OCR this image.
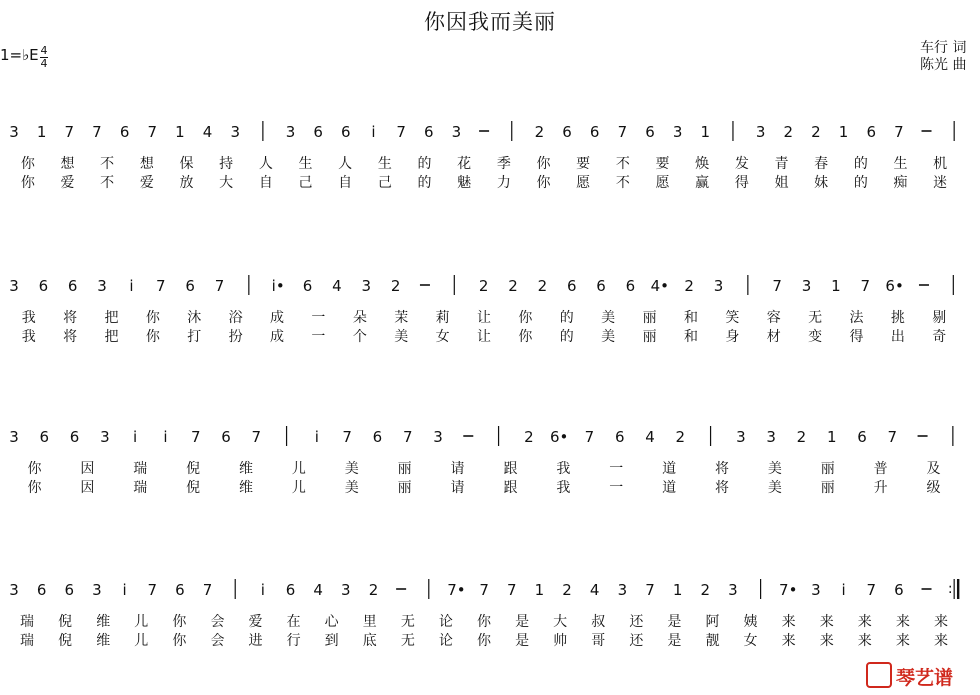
你因我而美丽
车行 词
陈光 曲
1=♭E 4
4
3 1 7 7 6 7 1 4 3	3 6 6 i 7 6 3	2 6 6 7 6 3 1	3 2 2 1 6 7
你 想 不 想 保 持 人 生 人 生 的 花 季 你 要 不 要 焕 发 青 春 的 生 机
你 爱 不 爱 放 大 自 己 自 己 的 魅 力 你 愿 不 愿 赢 得 姐 妹 的 痴 迷
3 6 6 3 i 7 6 7	i• 6 4 3 2	2 2 2 6 6 6 4• 2 3	7 3 1 7 6•
我 将 把 你 沐 浴 成 一 朵 茉 莉 让 你 的 美 丽 和 笑 容 无 法 挑 剔
我 将 把 你 打 扮 成 一 个 美 女 让 你 的 美 丽 和 身 材 变 得 出 奇
3 6 6 3 i i 7 6 7	i 7 6 7 3	2 6• 7 6 4 2	3 3 2 1 6 7
你	因	瑞	倪	维	儿	美	丽	请	跟	我	一	道	将	美	丽	普	及
你	因	瑞	倪	维	儿	美	丽	请	跟	我	一	道	将	美	丽	升	级
3 6 6 3 i 7 6 7	i 6 4 3 2	7• 7 7 1 2 4 3 7 1 2 3	7• 3 i 7 6	:
瑞 倪 维 儿 你 会 爱 在 心 里 无 论 你 是 大 叔 还 是 阿 姨 来 来 来 来 来
瑞 倪 维 儿 你 会 进 行 到 底 无 论 你 是 帅 哥 还 是 靓 女 来 来 来 来 来
琴艺谱
